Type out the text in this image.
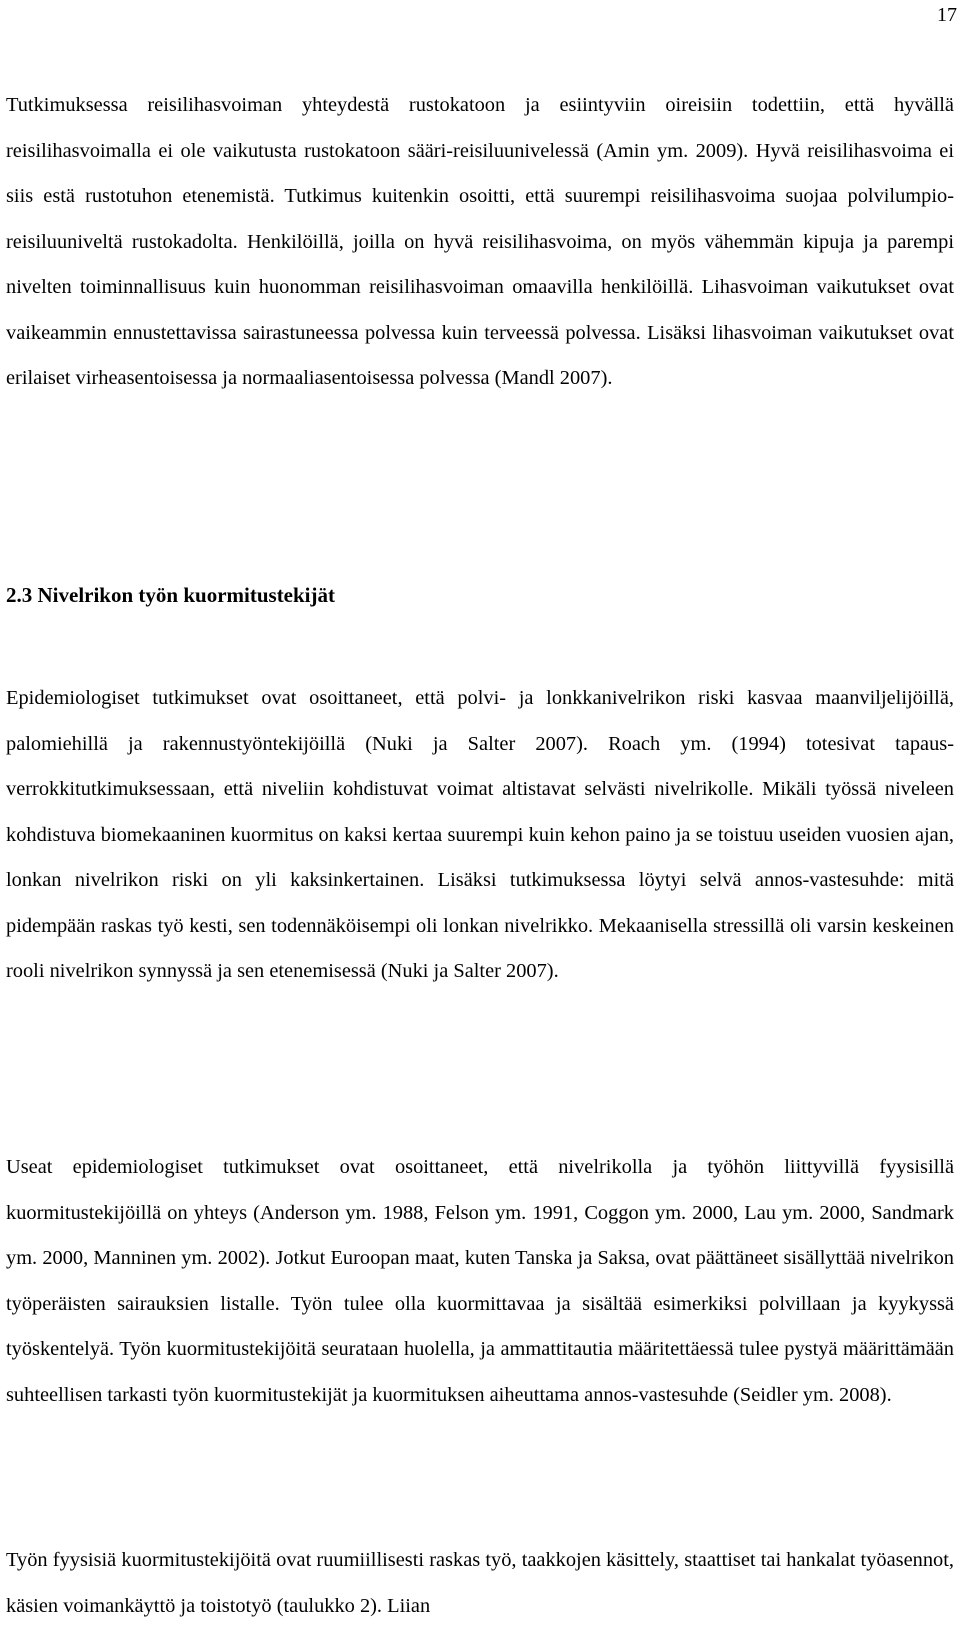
17

Tutkimuksessa reisilihasvoiman yhteydestä rustokatoon ja esiintyviin oireisiin todettiin, että hyvällä reisilihasvoimalla ei ole vaikutusta rustokatoon sääri-reisiluunivelessä (Amin ym. 2009). Hyvä reisilihasvoima ei siis estä rustotuhon etenemistä. Tutkimus kuitenkin osoitti, että suurempi reisilihasvoima suojaa polvilumpio-reisiluuniveltä rustokadolta. Henkilöillä, joilla on hyvä reisilihasvoima, on myös vähemmän kipuja ja parempi nivelten toiminnallisuus kuin huonomman reisilihasvoiman omaavilla henkilöillä. Lihasvoiman vaikutukset ovat vaikeammin ennustettavissa sairastuneessa polvessa kuin terveessä polvessa. Lisäksi lihasvoiman vaikutukset ovat erilaiset virheasentoisessa ja normaaliasentoisessa polvessa (Mandl 2007).

2.3 Nivelrikon työn kuormitustekijät

Epidemiologiset tutkimukset ovat osoittaneet, että polvi- ja lonkkanivelrikon riski kasvaa maanviljelijöillä, palomiehillä ja rakennustyöntekijöillä (Nuki ja Salter 2007). Roach ym. (1994) totesivat tapaus-verrokkitutkimuksessaan, että niveliin kohdistuvat voimat altistavat selvästi nivelrikolle. Mikäli työssä niveleen kohdistuva biomekaaninen kuormitus on kaksi kertaa suurempi kuin kehon paino ja se toistuu useiden vuosien ajan, lonkan nivelrikon riski on yli kaksinkertainen. Lisäksi tutkimuksessa löytyi selvä annos-vastesuhde: mitä pidempään raskas työ kesti, sen todennäköisempi oli lonkan nivelrikko. Mekaanisella stressillä oli varsin keskeinen rooli nivelrikon synnyssä ja sen etenemisessä (Nuki ja Salter 2007).

Useat epidemiologiset tutkimukset ovat osoittaneet, että nivelrikolla ja työhön liittyvillä fyysisillä kuormitustekijöillä on yhteys (Anderson ym. 1988, Felson ym. 1991, Coggon ym. 2000, Lau ym. 2000, Sandmark ym. 2000, Manninen ym. 2002). Jotkut Euroopan maat, kuten Tanska ja Saksa, ovat päättäneet sisällyttää nivelrikon työperäisten sairauksien listalle. Työn tulee olla kuormittavaa ja sisältää esimerkiksi polvillaan ja kyykyssä työskentelyä. Työn kuormitustekijöitä seurataan huolella, ja ammattitautia määritettäessä tulee pystyä määrittämään suhteellisen tarkasti työn kuormitustekijät ja kuormituksen aiheuttama annos-vastesuhde (Seidler ym. 2008).

Työn fyysisiä kuormitustekijöitä ovat ruumiillisesti raskas työ, taakkojen käsittely, staattiset tai hankalat työasennot, käsien voimankäyttö ja toistotyö (taulukko 2). Liian
